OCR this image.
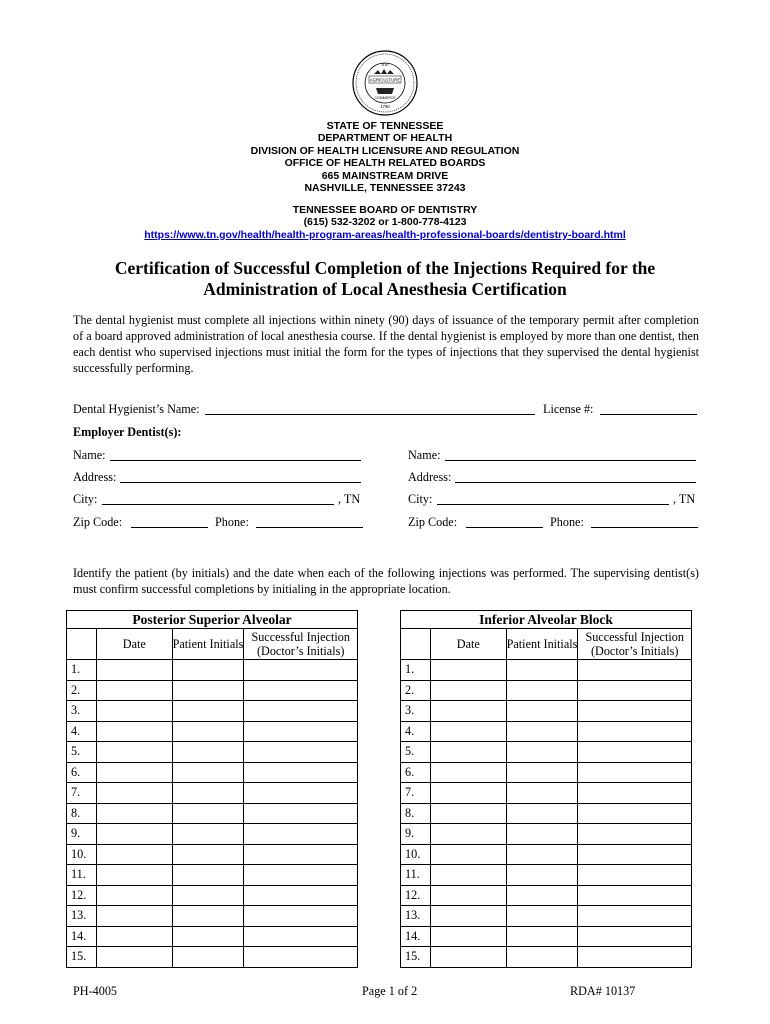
AGRICULTURE
XVI
COMMERCE
1796
STATE OF TENNESSEE
DEPARTMENT OF HEALTH
DIVISION OF HEALTH LICENSURE AND REGULATION
OFFICE OF HEALTH RELATED BOARDS
665 MAINSTREAM DRIVE
NASHVILLE, TENNESSEE 37243
TENNESSEE BOARD OF DENTISTRY
(615) 532-3202 or 1-800-778-4123
https://www.tn.gov/health/health-program-areas/health-professional-boards/dentistry-board.html
Certification of Successful Completion of the Injections Required for the
Administration of Local Anesthesia Certification
The dental hygienist must complete all injections within ninety (90) days of issuance of the temporary permit after completion of a board approved administration of local anesthesia course. If the dental hygienist is employed by more than one dentist, then each dentist who supervised injections must initial the form for the types of injections that they supervised the dental hygienist successfully performing.
Dental Hygienist’s Name:	License #:
Employer Dentist(s):
Name:
Address:
City:	, TN
Zip Code:	Phone:
Name:
Address:
City:	, TN
Zip Code:	Phone:
Identify the patient (by initials) and the date when each of the following injections was performed. The supervising dentist(s) must confirm successful completions by initialing in the appropriate location.
Posterior Superior Alveolar			
	Date	Patient Initials	Successful Injection (Doctor’s Initials)
1.			
2.			
3.			
4.			
5.			
6.			
7.			
8.			
9.			
10.			
11.			
12.			
13.			
14.			
15.			
Inferior Alveolar Block			
	Date	Patient Initials	Successful Injection (Doctor’s Initials)
1.			
2.			
3.			
4.			
5.			
6.			
7.			
8.			
9.			
10.			
11.			
12.			
13.			
14.			
15.			
PH-4005	Page 1 of 2	RDA# 10137
